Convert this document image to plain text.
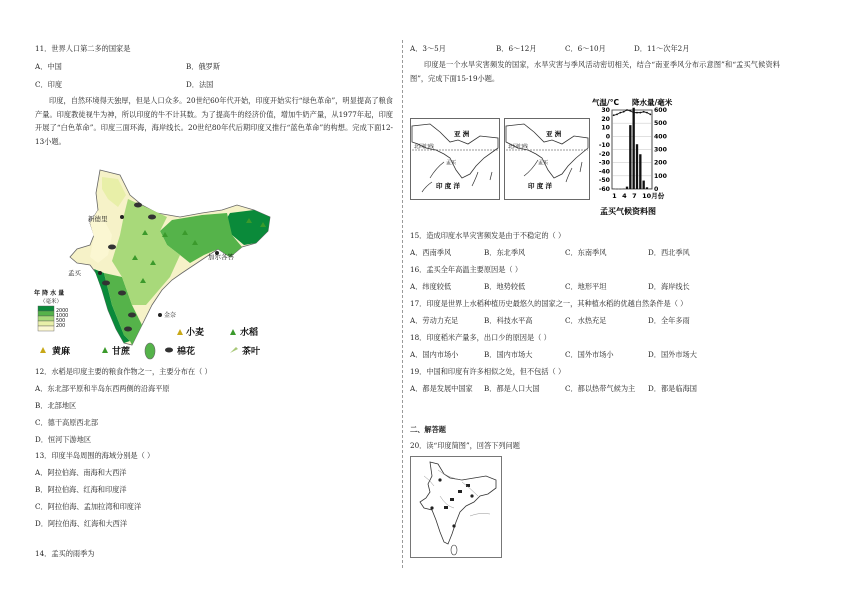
11．世界人口第二多的国家是
A．中国	B．俄罗斯
C．印度	D．法国
印度，自然环境得天独厚，但是人口众多。20世纪60年代开始，印度开始实行“绿色革命”，明显提高了粮食产量。印度教徒视牛为神，所以印度的牛不计其数。为了提高牛的经济价值，增加牛奶产量，从1977年起，印度开展了“白色革命”。印度三面环海，海岸线长。20世纪80年代后期印度又推行“蓝色革命”的构想。完成下面12-13小题。
新德里
加尔各答
孟买
金奈
年 降 水 量
（毫米）
2000
1000
500
200
小麦	水稻
黄麻	甘蔗	棉花	茶叶
12．水稻是印度主要的粮食作物之一，主要分布在（ ）
A．东北部平原和半岛东西两侧的沿海平原
B．北部地区
C．德干高原西北部
D．恒河下游地区
13．印度半岛周围的海域分别是（ ）
A．阿拉伯海、南海和大西洋
B．阿拉伯海、红海和印度洋
C．阿拉伯海、孟加拉湾和印度洋
D．阿拉伯海、红海和大西洋
14．孟买的雨季为
A．3～5月	B．6～12月	C．6～10月	D．11～次年2月
印度是一个水旱灾害频发的国家，水旱灾害与季风活动密切相关，结合“南亚季风分布示意图”和“孟买气候资料图”，完成下面15-19小题。
亚 洲
北回归线
孟买
印 度 洋
亚 洲
北回归线
孟买
印 度 洋
气温/°C 降水量/毫米
30
20
10
0
-10
-20
-30
-40
-50
-60
600
500
400
300
200
100
0
1 4 7 10月份
孟买气候资料图
15．造成印度水旱灾害频发是由于不稳定的（ ）
A．西南季风	B．东北季风	C．东南季风	D．西北季风
16．孟买全年高温主要原因是（ ）
A．纬度较低	B．地势较低	C．地形平坦	D．海岸线长
17．印度是世界上水稻种植历史最悠久的国家之一，其种植水稻的优越自然条件是（ ）
A．劳动力充足	B．科技水平高	C．水热充足	D．全年多雨
18．印度稻米产量多，出口少的原因是（ ）
A．国内市场小	B．国内市场大	C．国外市场小	D．国外市场大
19．中国和印度有许多相似之处，但不包括（ ）
A．都是发展中国家 B．都是人口大国	C．都以热带气候为主 D．都是临海国
二、解答题
20．读“印度简图”，回答下列问题
